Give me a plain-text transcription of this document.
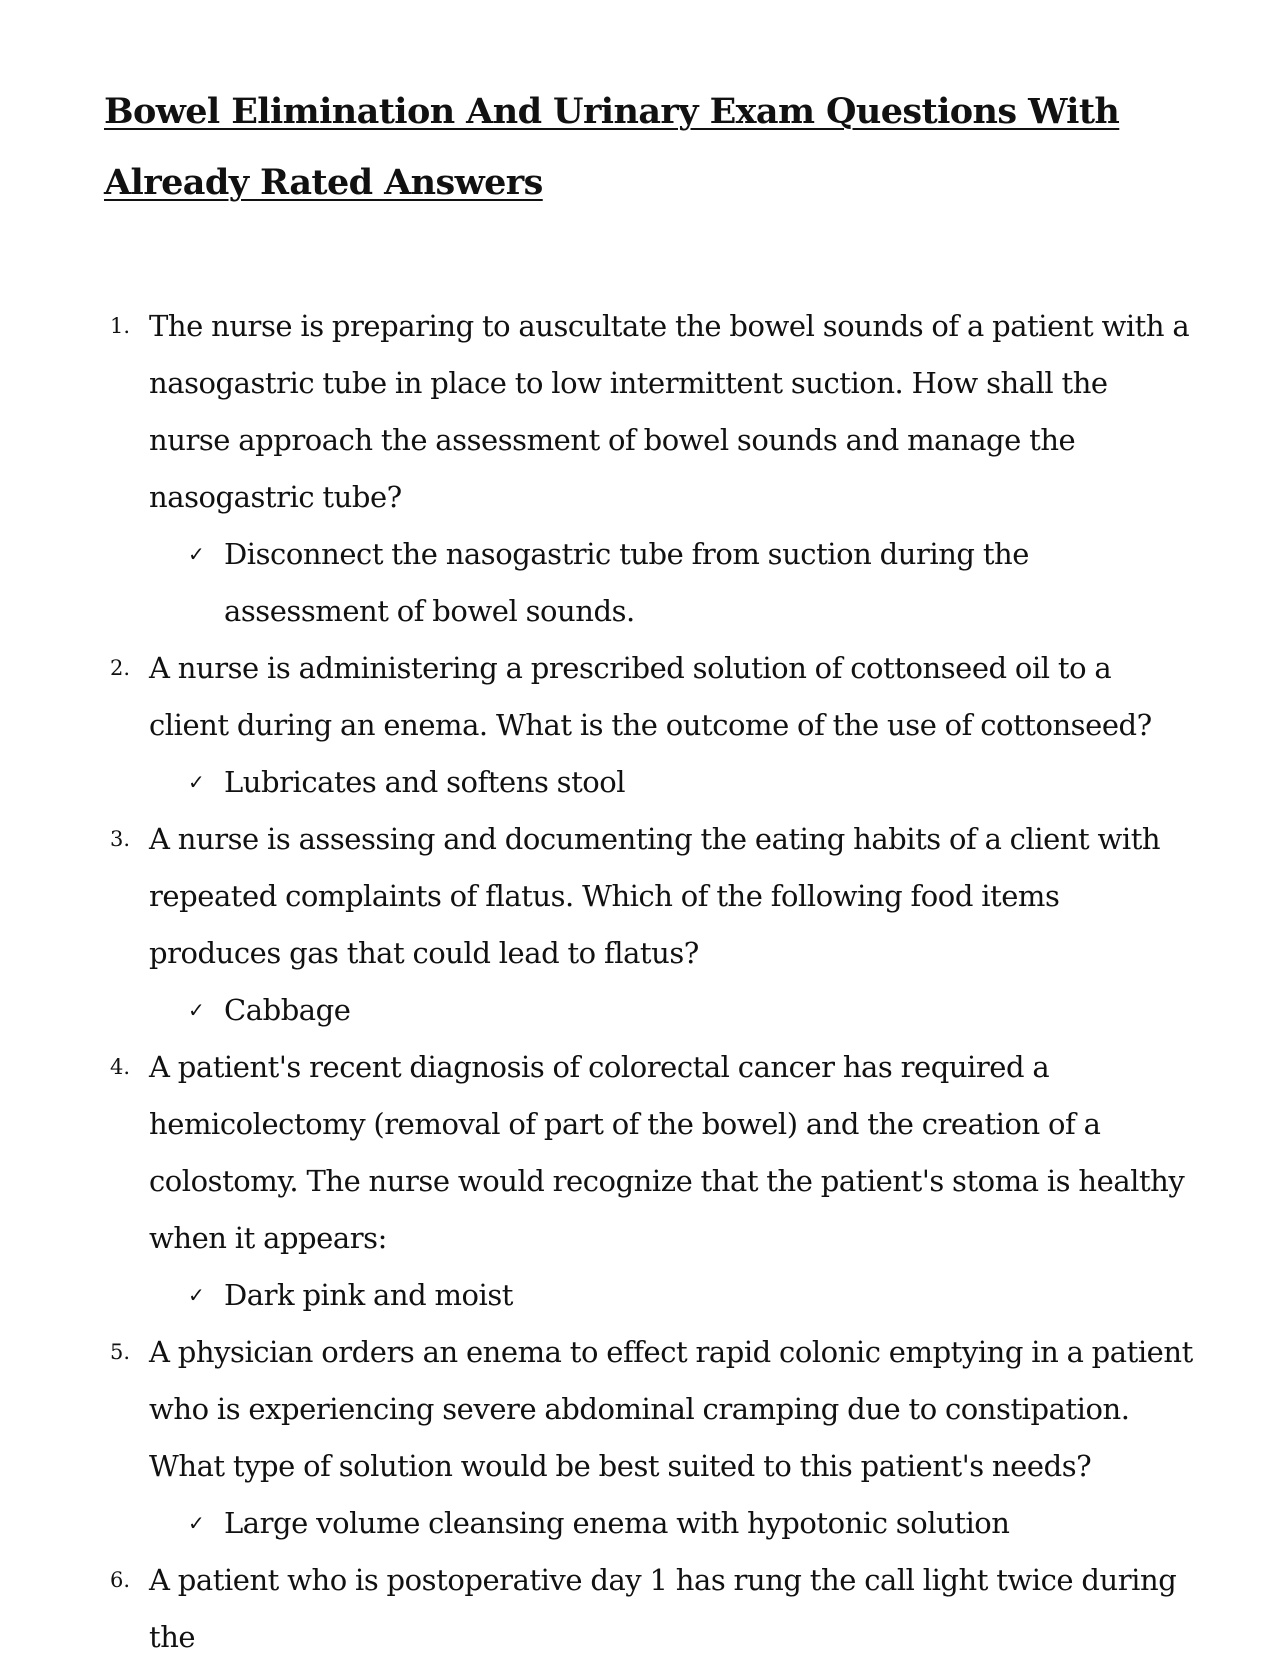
Bowel Elimination And Urinary Exam Questions With Already Rated Answers
1. The nurse is preparing to auscultate the bowel sounds of a patient with a nasogastric tube in place to low intermittent suction. How shall the nurse approach the assessment of bowel sounds and manage the nasogastric tube?

✓ Disconnect the nasogastric tube from suction during the assessment of bowel sounds.

2. A nurse is administering a prescribed solution of cottonseed oil to a client during an enema. What is the outcome of the use of cottonseed?

✓ Lubricates and softens stool

3. A nurse is assessing and documenting the eating habits of a client with repeated complaints of flatus. Which of the following food items produces gas that could lead to flatus?

✓ Cabbage

4. A patient's recent diagnosis of colorectal cancer has required a hemicolectomy (removal of part of the bowel) and the creation of a colostomy. The nurse would recognize that the patient's stoma is healthy when it appears:

✓ Dark pink and moist

5. A physician orders an enema to effect rapid colonic emptying in a patient who is experiencing severe abdominal cramping due to constipation. What type of solution would be best suited to this patient's needs?

✓ Large volume cleansing enema with hypotonic solution

6. A patient who is postoperative day 1 has rung the call light twice during the
